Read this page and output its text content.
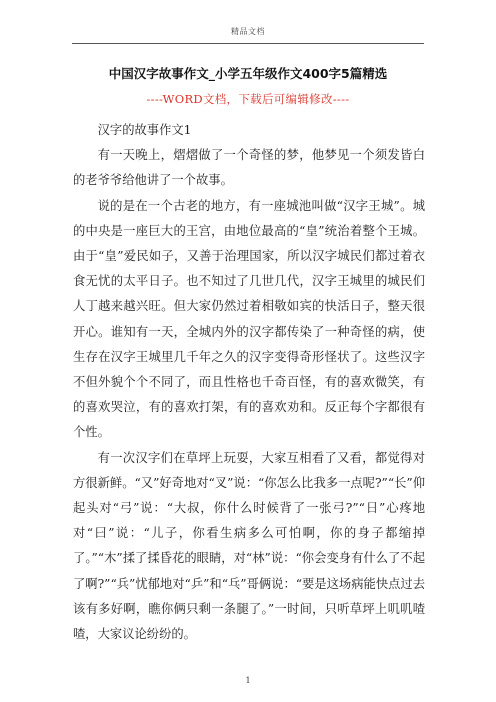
精品文档
中国汉字故事作文_小学五年级作文400字5篇精选
----WORD文档，下载后可编辑修改----

汉字的故事作文1

有一天晚上，熠熠做了一个奇怪的梦，他梦见一个须发皆白的老爷爷给他讲了一个故事。

说的是在一个古老的地方，有一座城池叫做“汉字王城”。城的中央是一座巨大的王宫，由地位最高的“皇”统治着整个王城。由于“皇”爱民如子，又善于治理国家，所以汉字城民们都过着衣食无忧的太平日子。也不知过了几世几代，汉字王城里的城民们人丁越来越兴旺。但大家仍然过着相敬如宾的快活日子，整天很开心。谁知有一天，全城内外的汉字都传染了一种奇怪的病，使生存在汉字王城里几千年之久的汉字变得奇形怪状了。这些汉字不但外貌个个不同了，而且性格也千奇百怪，有的喜欢微笑，有的喜欢哭泣，有的喜欢打架，有的喜欢劝和。反正每个字都很有个性。

有一次汉字们在草坪上玩耍，大家互相看了又看，都觉得对方很新鲜。“又”好奇地对“叉”说：“你怎么比我多一点呢?”“长”仰起头对“弓”说：“大叔，你什么时候背了一张弓?”“日”心疼地对“曰”说：“儿子，你看生病多么可怕啊，你的身子都缩掉了。”“木”揉了揉昏花的眼睛，对“林”说：“你会变身有什么了不起了啊?”“兵”忧郁地对“乒”和“乓”哥俩说：“要是这场病能快点过去该有多好啊，瞧你俩只剩一条腿了。”一时间，只听草坪上叽叽喳喳，大家议论纷纷的。

1
